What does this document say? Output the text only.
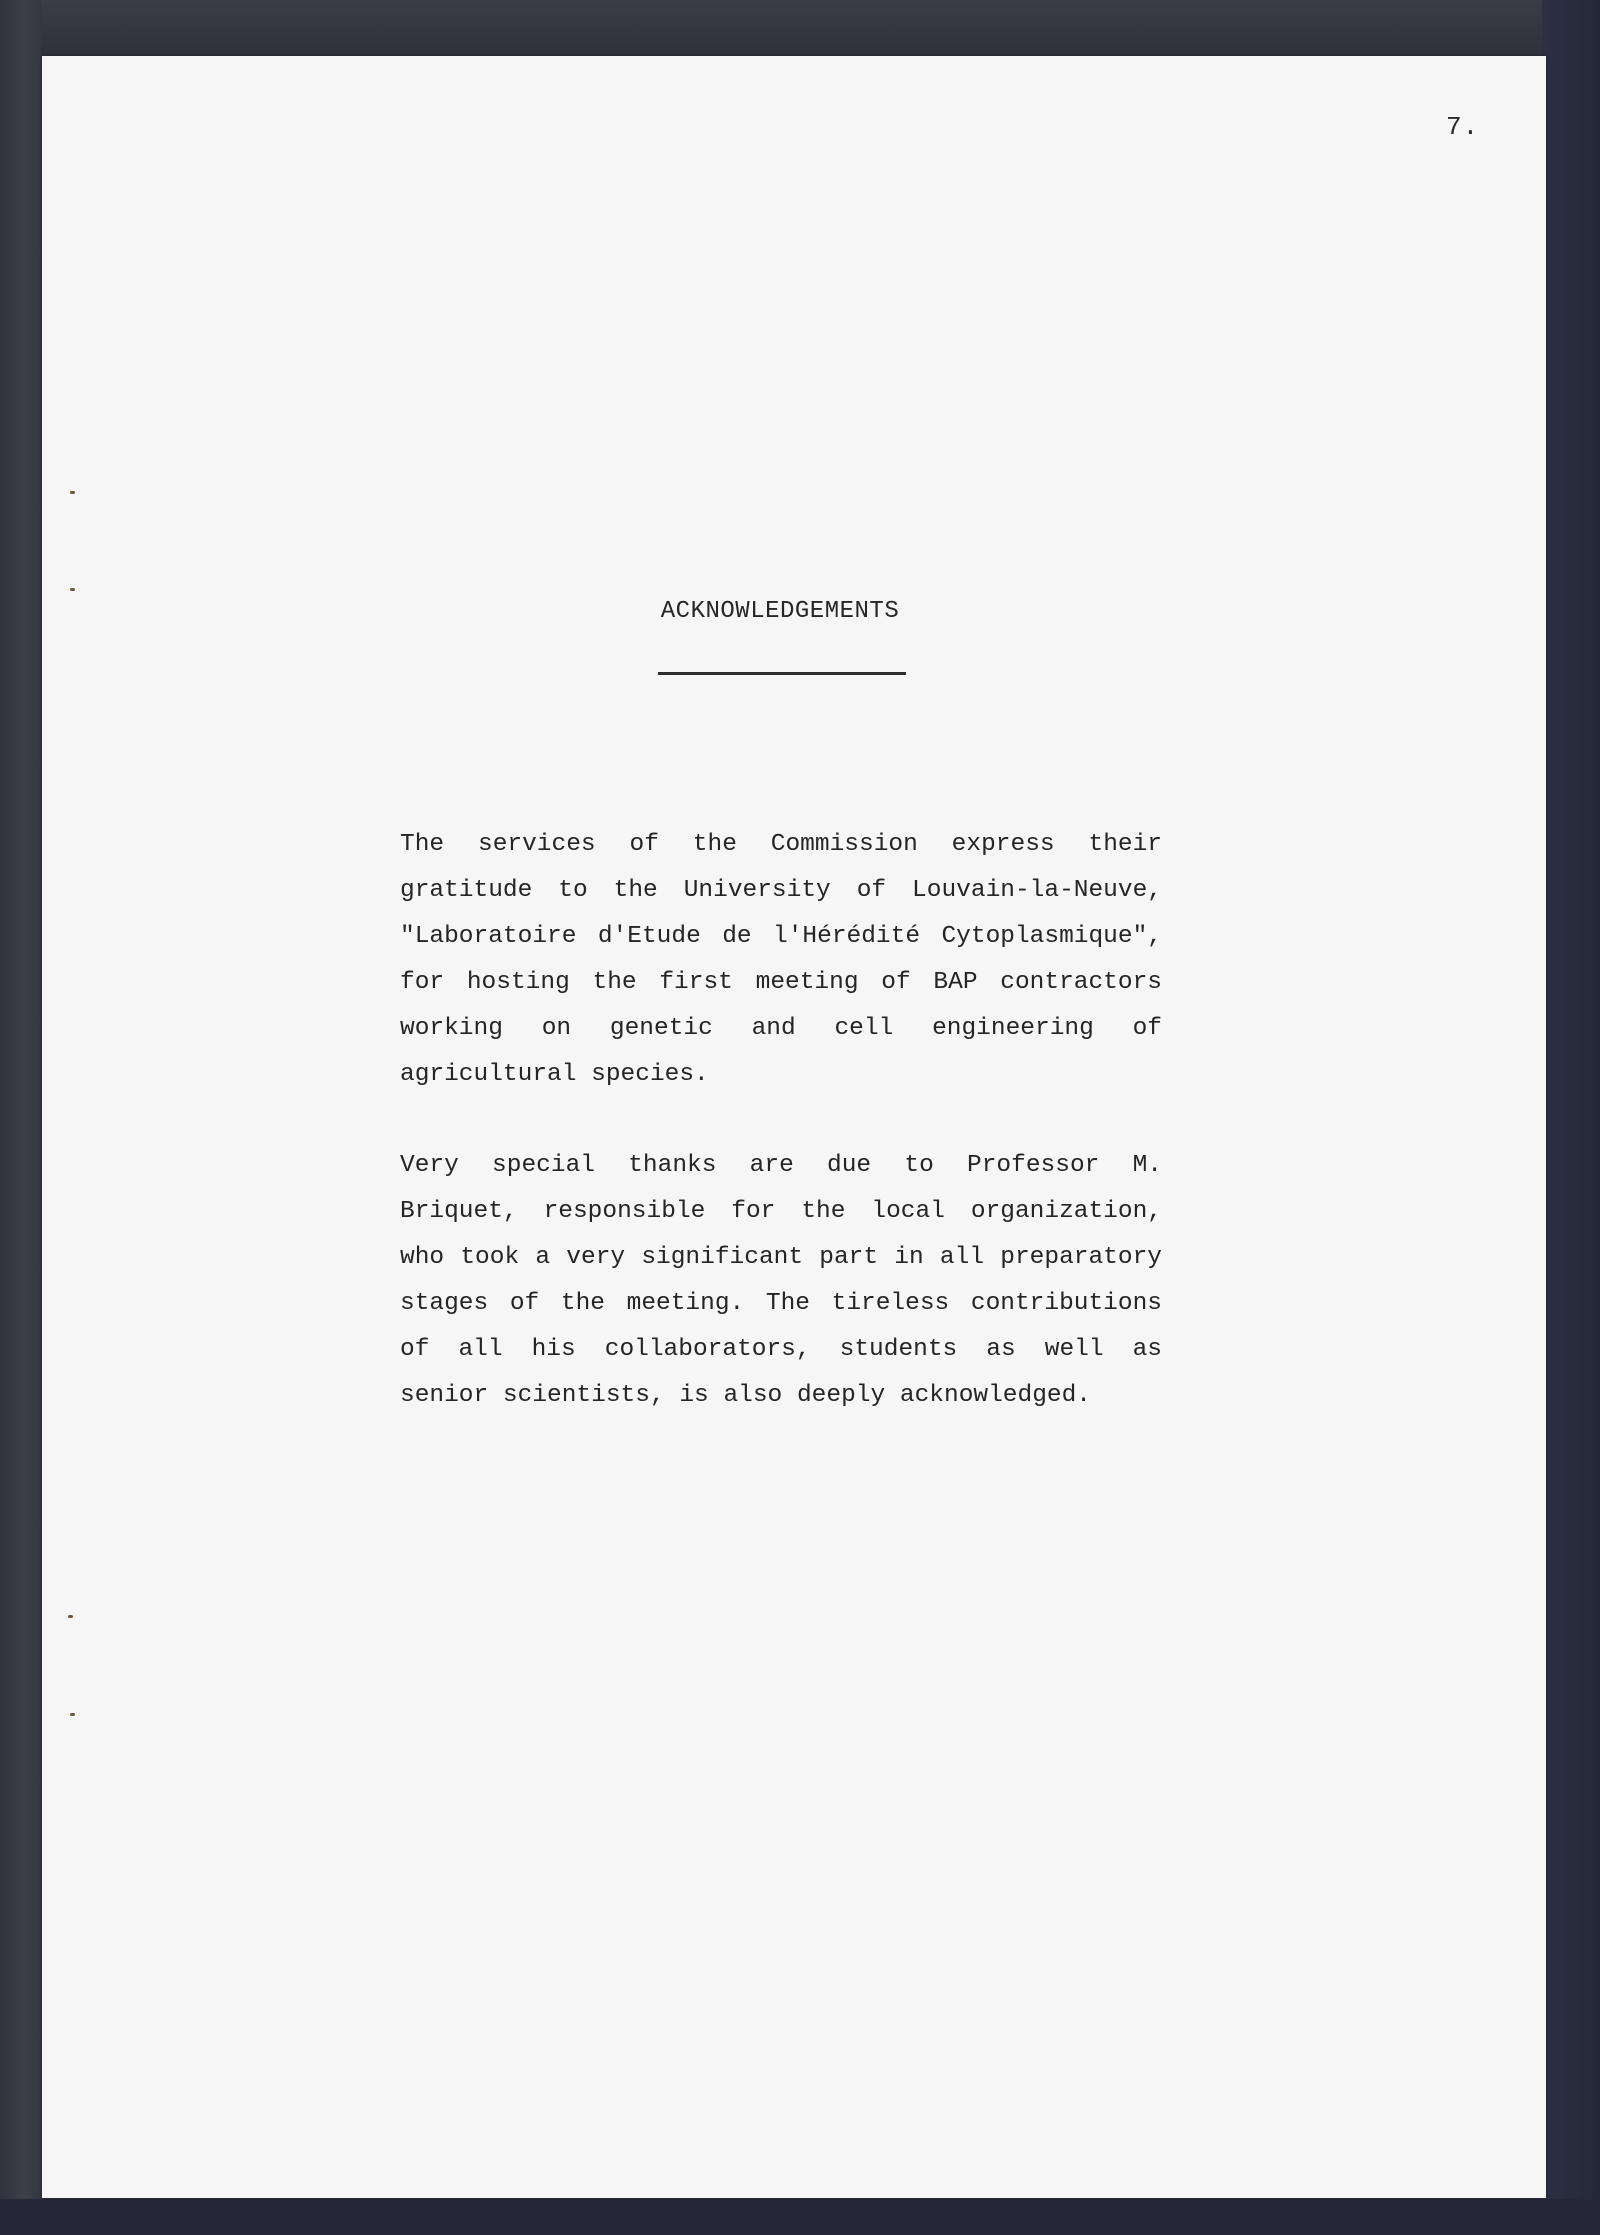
7.
ACKNOWLEDGEMENTS
The services of the Commission express their gratitude to the University of Louvain-la-Neuve, "Laboratoire d'Etude de l'Hérédité Cytoplasmique", for hosting the first meeting of BAP contractors working on genetic and cell engineering of agricultural species.
Very special thanks are due to Professor M. Briquet, responsible for the local organization, who took a very significant part in all preparatory stages of the meeting. The tireless contributions of all his collaborators, students as well as senior scientists, is also deeply acknowledged.
